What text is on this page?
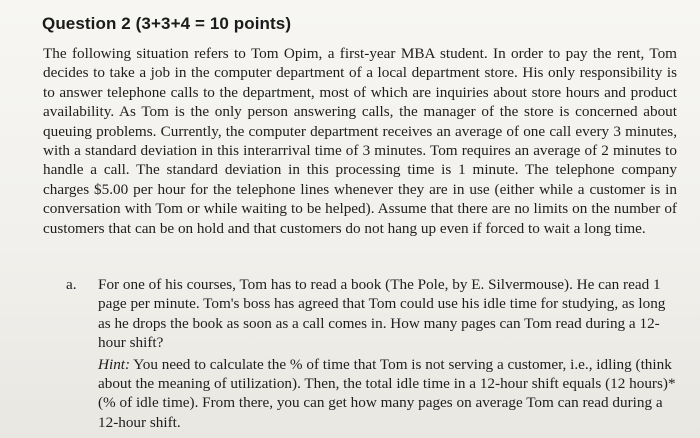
Question 2 (3+3+4 = 10 points)

The following situation refers to Tom Opim, a first-year MBA student. In order to pay the rent, Tom decides to take a job in the computer department of a local department store. His only responsibility is to answer telephone calls to the department, most of which are inquiries about store hours and product availability. As Tom is the only person answering calls, the manager of the store is concerned about queuing problems. Currently, the computer department receives an average of one call every 3 minutes, with a standard deviation in this interarrival time of 3 minutes. Tom requires an average of 2 minutes to handle a call. The standard deviation in this processing time is 1 minute. The telephone company charges $5.00 per hour for the telephone lines whenever they are in use (either while a customer is in conversation with Tom or while waiting to be helped). Assume that there are no limits on the number of customers that can be on hold and that customers do not hang up even if forced to wait a long time.

a.	For one of his courses, Tom has to read a book (The Pole, by E. Silvermouse). He can read 1 page per minute. Tom's boss has agreed that Tom could use his idle time for studying, as long as he drops the book as soon as a call comes in. How many pages can Tom read during a 12-hour shift?

Hint: You need to calculate the % of time that Tom is not serving a customer, i.e., idling (think about the meaning of utilization). Then, the total idle time in a 12-hour shift equals (12 hours)*(% of idle time). From there, you can get how many pages on average Tom can read during a 12-hour shift.
